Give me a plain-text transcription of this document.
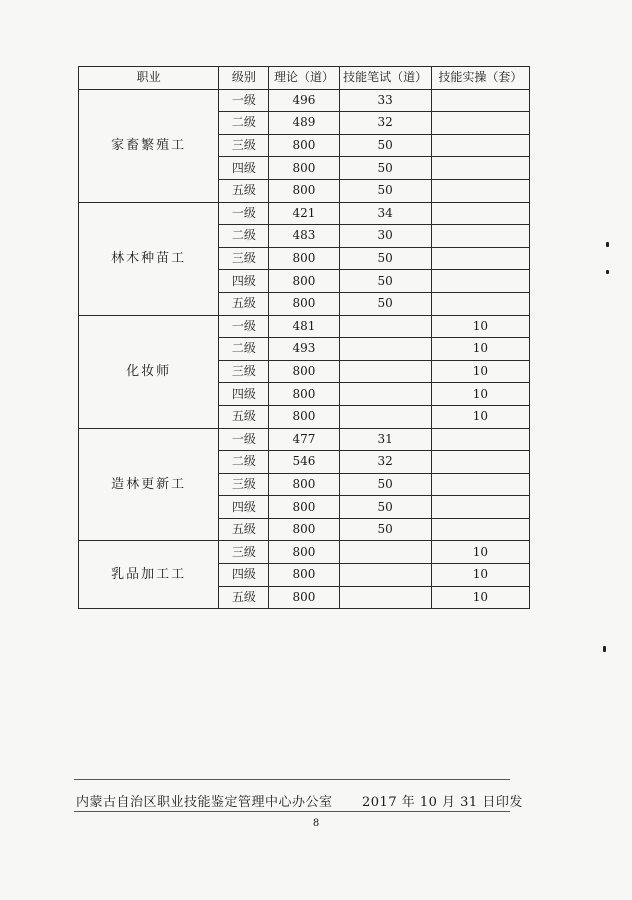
职业	级别	理论（道）	技能笔试（道）	技能实操（套）
家畜繁殖工	一级	496	33	
	二级	489	32	
	三级	800	50	
	四级	800	50	
	五级	800	50	
林木种苗工	一级	421	34	
	二级	483	30	
	三级	800	50	
	四级	800	50	
	五级	800	50	
化妆师	一级	481		10
	二级	493		10
	三级	800		10
	四级	800		10
	五级	800		10
造林更新工	一级	477	31	
	二级	546	32	
	三级	800	50	
	四级	800	50	
	五级	800	50	
乳品加工工	三级	800		10
	四级	800		10
	五级	800		10
内蒙古自治区职业技能鉴定管理中心办公室 2017 年 10 月 31 日印发
8
